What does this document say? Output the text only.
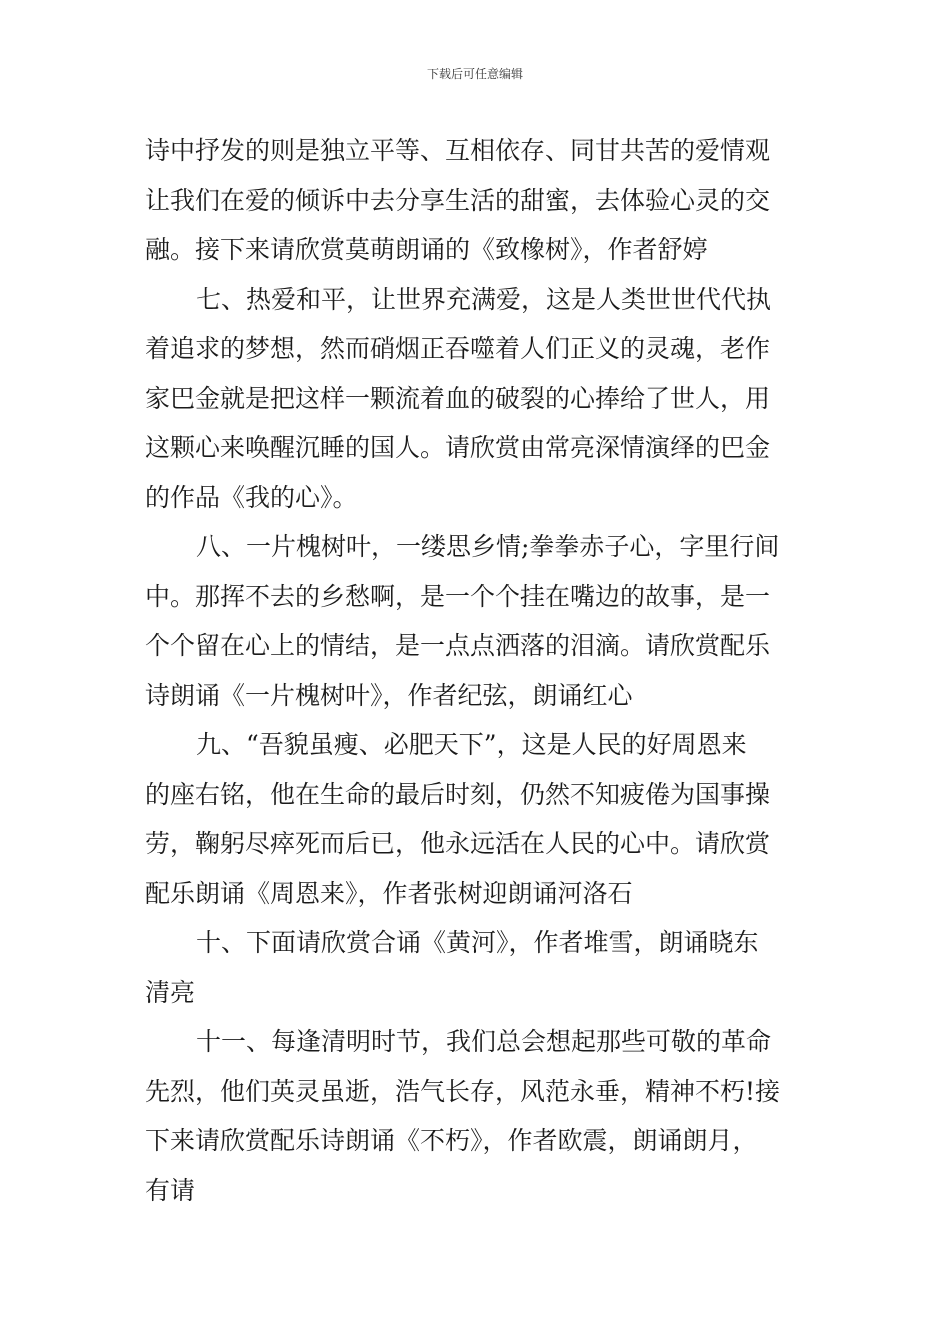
下载后可任意编辑
诗中抒发的则是独立平等、互相依存、同甘共苦的爱情观
让我们在爱的倾诉中去分享生活的甜蜜，去体验心灵的交
融。接下来请欣赏莫萌朗诵的《致橡树》，作者舒婷
七、热爱和平，让世界充满爱，这是人类世世代代执
着追求的梦想，然而硝烟正吞噬着人们正义的灵魂，老作
家巴金就是把这样一颗流着血的破裂的心捧给了世人，用
这颗心来唤醒沉睡的国人。请欣赏由常亮深情演绎的巴金
的作品《我的心》。
八、一片槐树叶，一缕思乡情;拳拳赤子心，字里行间
中。那挥不去的乡愁啊，是一个个挂在嘴边的故事，是一
个个留在心上的情结，是一点点洒落的泪滴。请欣赏配乐
诗朗诵《一片槐树叶》，作者纪弦，朗诵红心
九、“吾貌虽瘦、必肥天下”，这是人民的好周恩来
的座右铭，他在生命的最后时刻，仍然不知疲倦为国事操
劳，鞠躬尽瘁死而后已，他永远活在人民的心中。请欣赏
配乐朗诵《周恩来》，作者张树迎朗诵河洛石
十、下面请欣赏合诵《黄河》，作者堆雪，朗诵晓东
清亮
十一、每逢清明时节，我们总会想起那些可敬的革命
先烈，他们英灵虽逝，浩气长存，风范永垂，精神不朽!接
下来请欣赏配乐诗朗诵《不朽》，作者欧震，朗诵朗月，
有请
